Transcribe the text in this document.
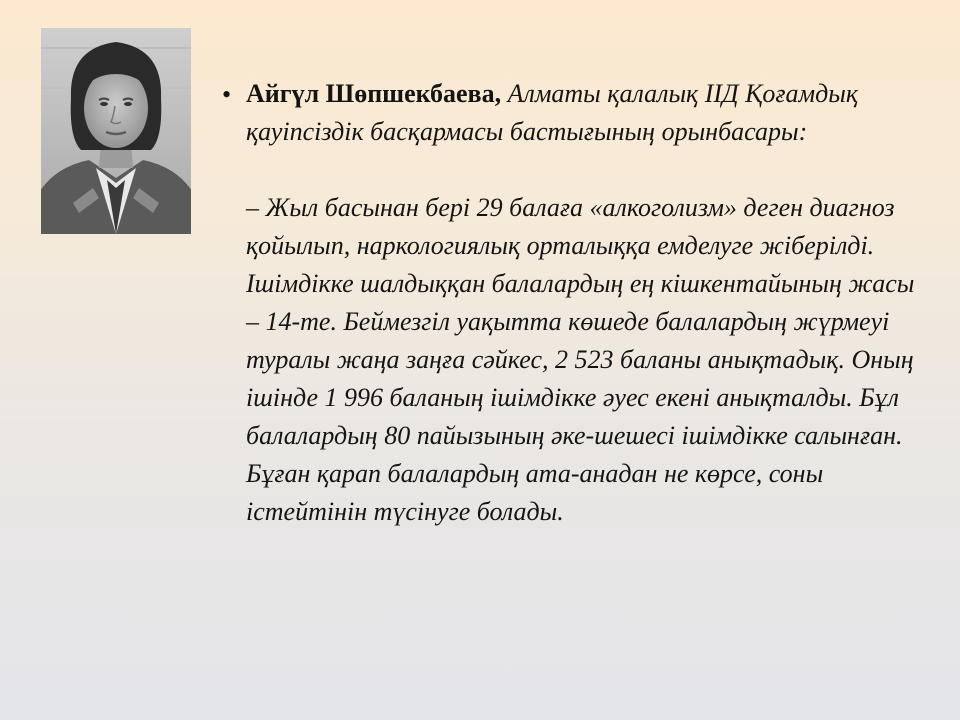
• Айгүл Шөпшекбаева, Алматы қалалық ІІД Қоғамдық қауіпсіздік басқармасы бастығының орынбасары:

– Жыл басынан бері 29 балаға «алкоголизм» деген диагноз қойылып, наркологиялық орталыққа емделуге жіберілді. Ішімдікке шалдыққан балалардың ең кішкентайының жасы – 14-те. Беймезгіл уақытта көшеде балалардың жүрмеуі туралы жаңа заңға сәйкес, 2 523 баланы анықтадық. Оның ішінде 1 996 баланың ішімдікке әуес екені анықталды. Бұл балалардың 80 пайызының әке-шешесі ішімдікке салынған. Бұған қарап балалардың ата-анадан не көрсе, соны істейтінін түсінуге болады.
